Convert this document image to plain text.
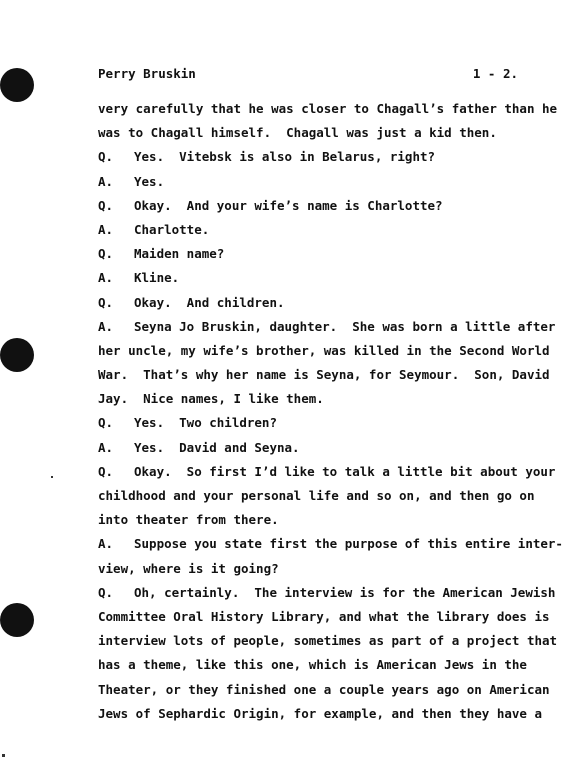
Perry Bruskin	1 - 2.
very carefully that he was closer to Chagall’s father than he
was to Chagall himself.  Chagall was just a kid then.
Q. Yes.  Vitebsk is also in Belarus, right?
A. Yes.
Q. Okay.  And your wife’s name is Charlotte?
A. Charlotte.
Q. Maiden name?
A. Kline.
Q. Okay.  And children.
A. Seyna Jo Bruskin, daughter.  She was born a little after
her uncle, my wife’s brother, was killed in the Second World
War.  That’s why her name is Seyna, for Seymour.  Son, David
Jay.  Nice names, I like them.
Q. Yes.  Two children?
A. Yes.  David and Seyna.
Q. Okay.  So first I’d like to talk a little bit about your
childhood and your personal life and so on, and then go on
into theater from there.
A. Suppose you state first the purpose of this entire inter-
view, where is it going?
Q. Oh, certainly.  The interview is for the American Jewish
Committee Oral History Library, and what the library does is
interview lots of people, sometimes as part of a project that
has a theme, like this one, which is American Jews in the
Theater, or they finished one a couple years ago on American
Jews of Sephardic Origin, for example, and then they have a
